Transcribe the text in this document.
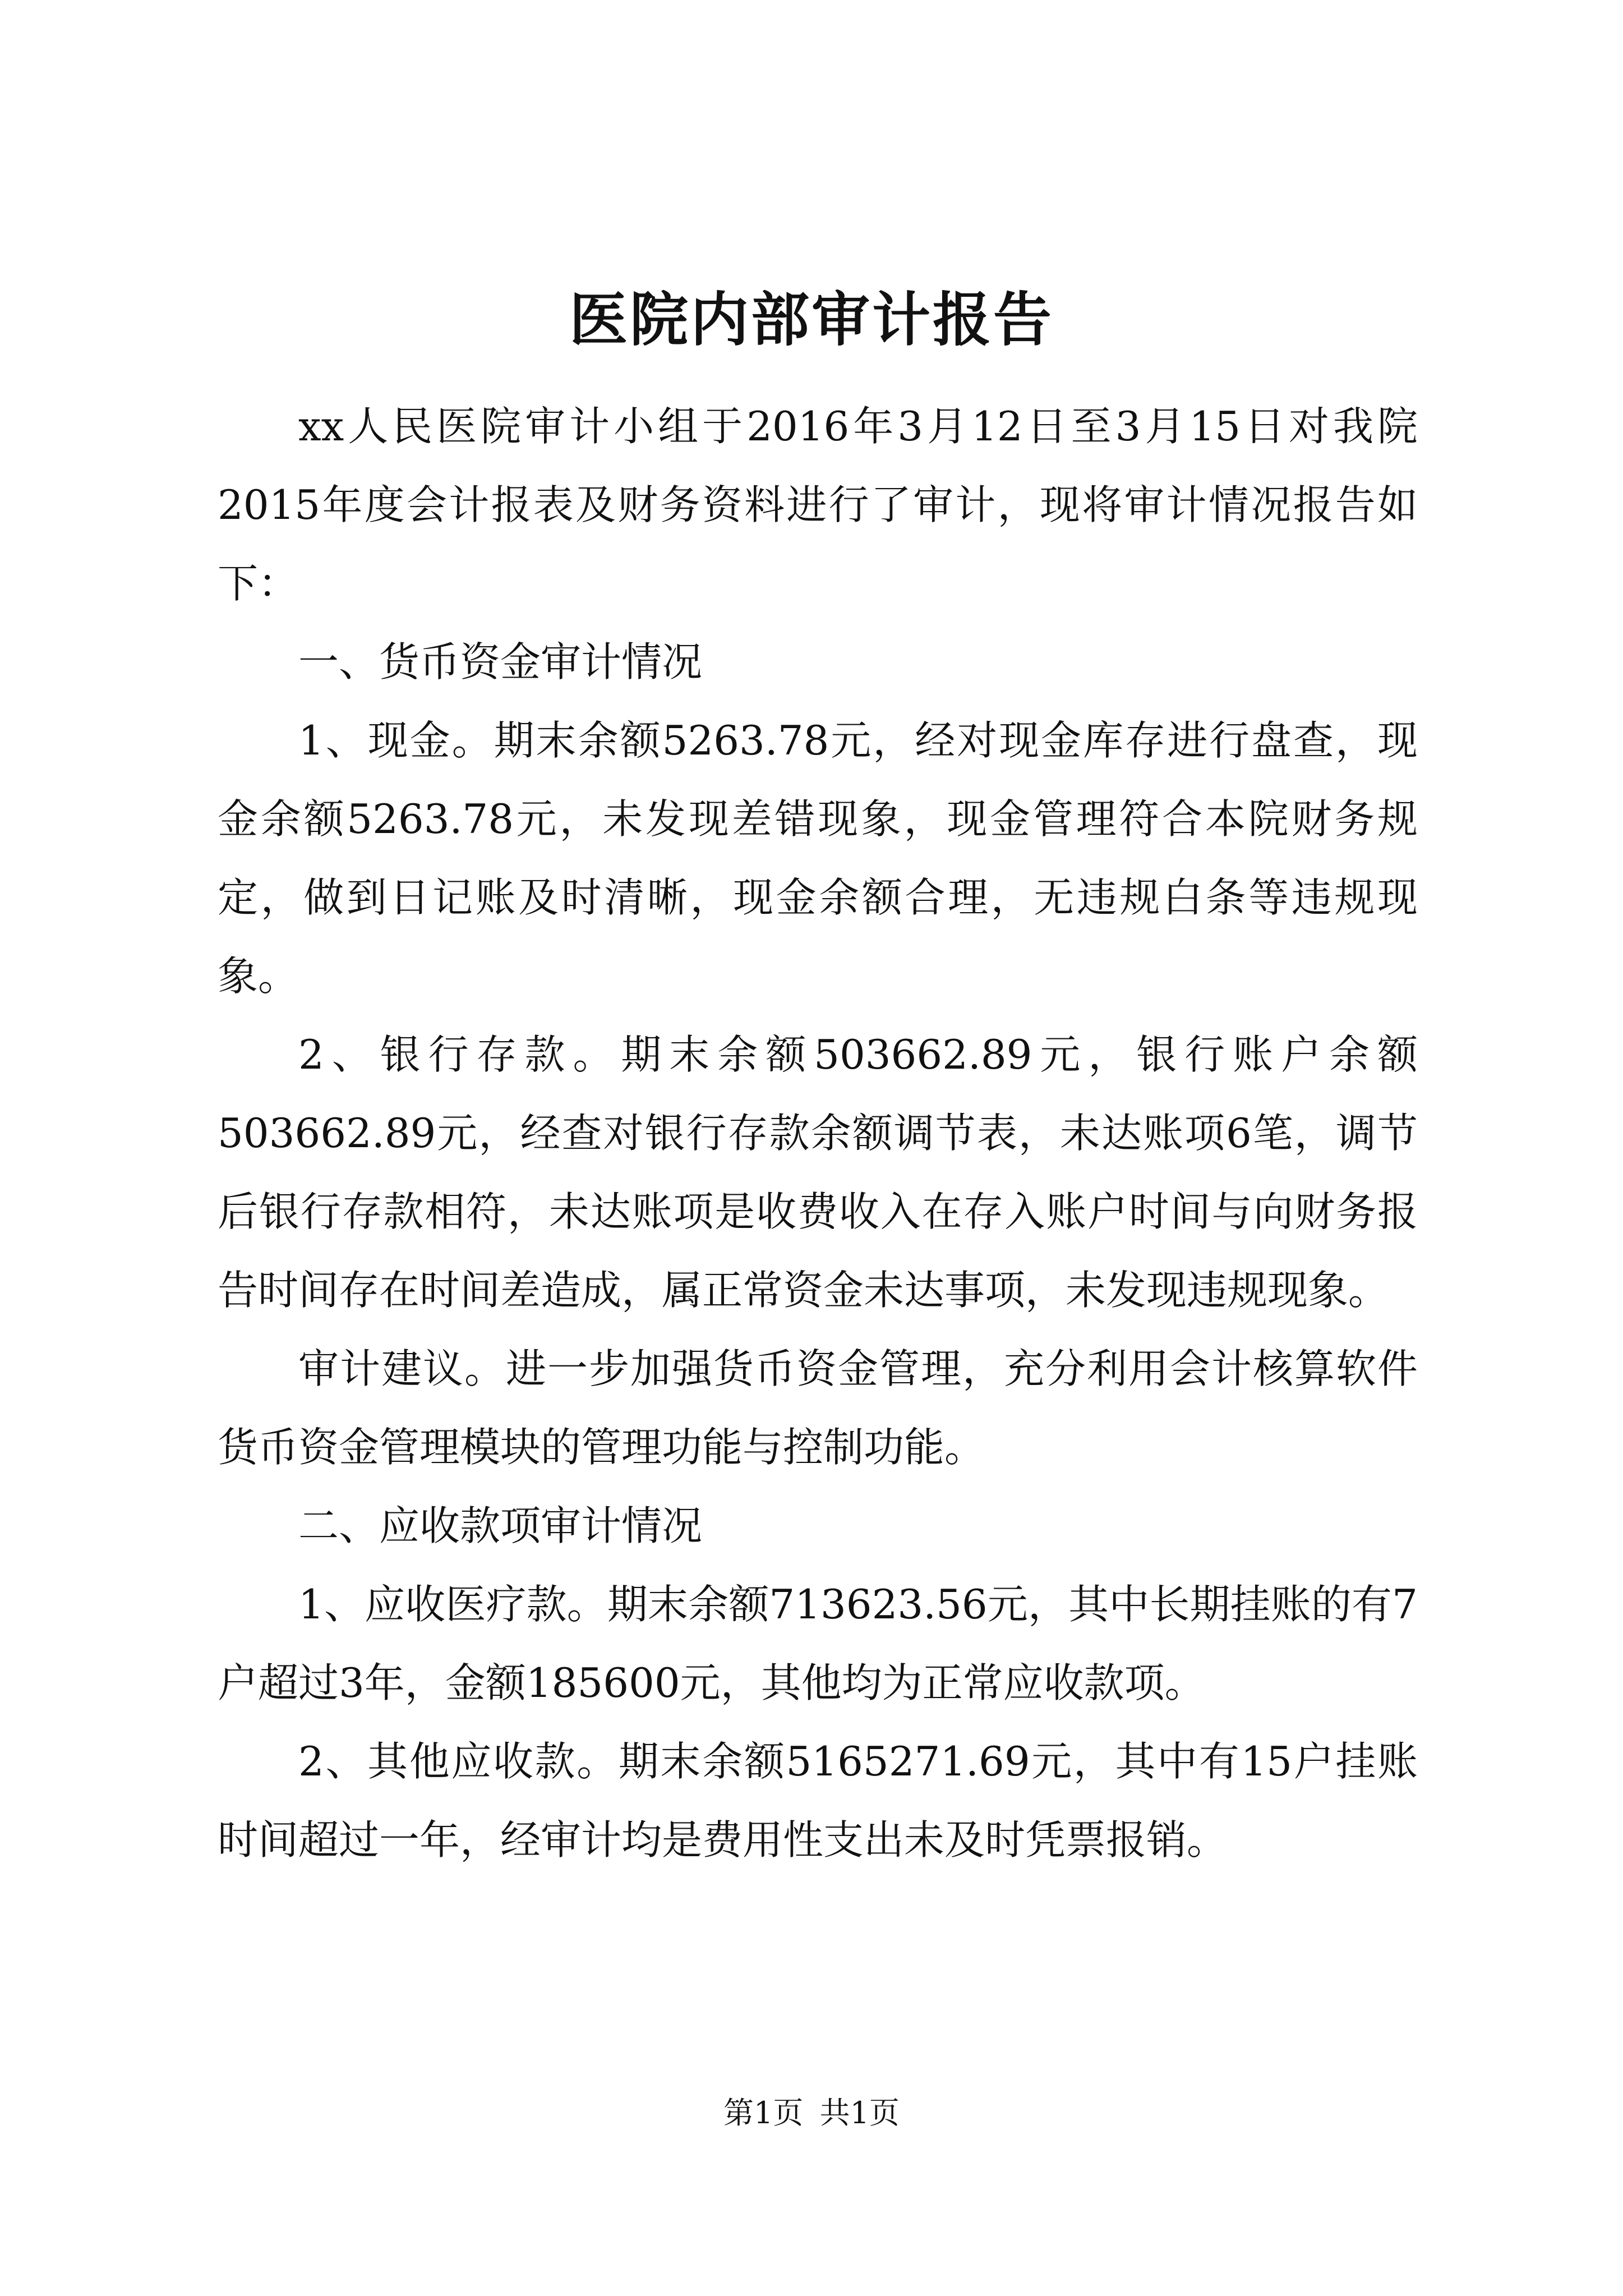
医院内部审计报告

xx人民医院审计小组于2016年3月12日至3月15日对我院2015年度会计报表及财务资料进行了审计，现将审计情况报告如下：

一、货币资金审计情况

1、现金。期末余额5263.78元，经对现金库存进行盘查，现金余额5263.78元，未发现差错现象，现金管理符合本院财务规定，做到日记账及时清晰，现金余额合理，无违规白条等违规现象。

2、银行存款。期末余额503662.89元，银行账户余额503662.89元，经查对银行存款余额调节表，未达账项6笔，调节后银行存款相符，未达账项是收费收入在存入账户时间与向财务报告时间存在时间差造成，属正常资金未达事项，未发现违规现象。

审计建议。进一步加强货币资金管理，充分利用会计核算软件货币资金管理模块的管理功能与控制功能。

二、应收款项审计情况

1、应收医疗款。期末余额713623.56元，其中长期挂账的有7户超过3年，金额185600元，其他均为正常应收款项。

2、其他应收款。期末余额5165271.69元，其中有15户挂账时间超过一年，经审计均是费用性支出未及时凭票报销。

第1页 共1页
